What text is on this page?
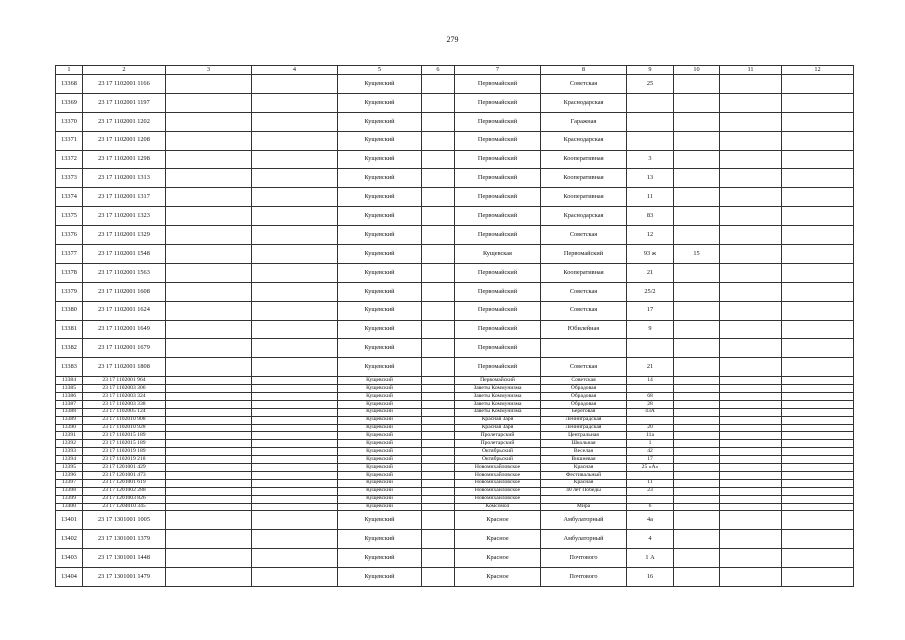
279
1	2	3	4	5	6	7	8	9	10	11	12
13368	23 17 1102001 1166			Кущевский		Первомайский	Советская	25			
13369	23 17 1102001 1197			Кущевский		Первомайский	Краснодарская				
13370	23 17 1102001 1202			Кущевский		Первомайский	Гаражная				
13371	23 17 1102001 1208			Кущевский		Первомайский	Краснодарская				
13372	23 17 1102001 1298			Кущевский		Первомайский	Кооперативная	3			
13373	23 17 1102001 1313			Кущевский		Первомайский	Кооперативная	13			
13374	23 17 1102001 1317			Кущевский		Первомайский	Кооперативная	11			
13375	23 17 1102001 1323			Кущевский		Первомайский	Краснодарская	83			
13376	23 17 1102001 1329			Кущевский		Первомайский	Советская	12			
13377	23 17 1102001 1548			Кущевский		Кущевская	Первомайский	93 ж	15		
13378	23 17 1102001 1563			Кущевский		Первомайский	Кооперативная	21			
13379	23 17 1102001 1608			Кущевский		Первомайский	Советская	25/2			
13380	23 17 1102001 1624			Кущевский		Первомайский	Советская	17			
13381	23 17 1102001 1649			Кущевский		Первомайский	Юбилейная	9			
13382	23 17 1102001 1679			Кущевский		Первомайский					
13383	23 17 1102001 1808			Кущевский		Первомайский	Советская	21			
13384	23 17 1102001 964			Кущевский		Первомайский	Советская	14			
13385	23 17 1102003 306			Кущевский		Заветы Коммунизма	Обрадовая				
13386	23 17 1102003 324			Кущевский		Заветы Коммунизма	Обрадовая	68			
13387	23 17 1102003 338			Кущевский		Заветы Коммунизма	Обрадовая	28			
13388	23 17 1102005 124			Кущевский		Заветы Коммунизма	Береговая	43А			
13389	23 17 1102010 908			Кущевский		Красная Заря	Ленинградская				
13390	23 17 1102010 928			Кущевский		Красная Заря	Ленинградская	20			
13391	23 17 1102015 189			Кущевский		Пролетарский	Центральная	11а			
13392	23 17 1102015 189			Кущевский		Пролетарский	Школьная	1			
13393	23 17 1102019 189			Кущевский		Октябрьский	Веселая	42			
13394	23 17 1102019 218			Кущевский		Октябрьский	Вишневая	17			
13395	23 17 1201001 429			Кущевский		Новомихайловское	Красная	25 «А»			
13396	23 17 1201001 473			Кущевский		Новомихайловское	Фестивальный				
13397	23 17 1201001 619			Кущевский		Новомихайловское	Красная	11			
13398	23 17 1201002 288			Кущевский		Новомихайловское	40 лет Победы	23			
13399	23 17 1201003 826			Кущевский		Новомихайловское					
13400	23 17 1204010 345			Кущевский		Комсомол	Мира	6			
13401	23 17 1301001 1005			Кущевский		Красное	Амбулаторный	4а			
13402	23 17 1301001 1379			Кущевский		Красное	Амбулаторный	4			
13403	23 17 1301001 1448			Кущевский		Красное	Почтового	1 А			
13404	23 17 1301001 1479			Кущевский		Красное	Почтового	16			
